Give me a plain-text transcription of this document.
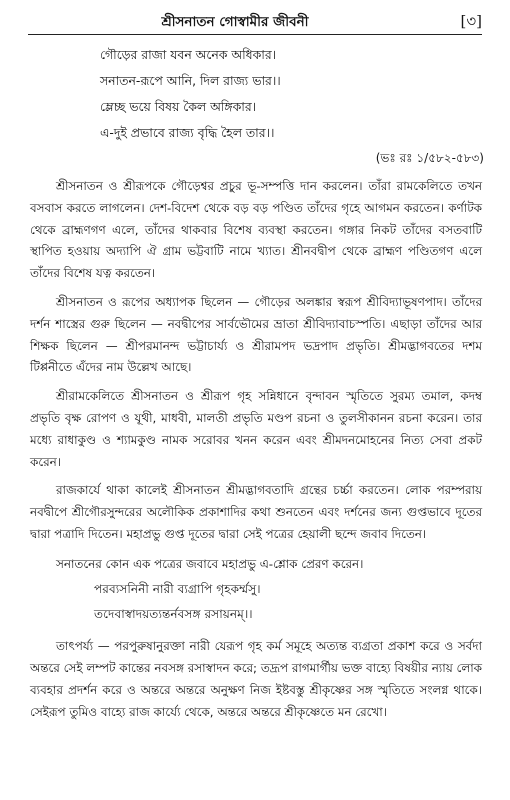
শ্রীসনাতন গোস্বামীর জীবনী	[৩]
গৌড়ের রাজা যবন অনেক অধিকার।
সনাতন-রূপে আনি, দিল রাজ্য ভার।।
ম্লেচ্ছ ভয়ে বিষয় কৈল অঙ্গিকার।
এ-দুই প্রভাবে রাজ্য বৃদ্ধি হৈল তার।।
(ভঃ রঃ ১/৫৮২-৫৮৩)

শ্রীসনাতন ও শ্রীরূপকে গৌড়েশ্বর প্রচুর ভূ-সম্পত্তি দান করলেন। তাঁরা রামকেলিতে তখন বসবাস করতে লাগলেন। দেশ-বিদেশ থেকে বড় বড় পণ্ডিত তাঁদের গৃহে আগমন করতেন। কর্ণাটক থেকে ব্রাহ্মণগণ এলে, তাঁদের থাকবার বিশেষ ব্যবস্থা করতেন। গঙ্গার নিকট তাঁদের বসতবাটি স্থাপিত হওয়ায় অদ্যাপি ঐ গ্রাম ভট্টবাটি নামে খ্যাত। শ্রীনবদ্বীপ থেকে ব্রাহ্মণ পণ্ডিতগণ এলে তাঁদের বিশেষ যত্ন করতেন।

শ্রীসনাতন ও রূপের অধ্যাপক ছিলেন — গৌড়ের অলঙ্কার স্বরূপ শ্রীবিদ্যাভূষণপাদ। তাঁদের দর্শন শাস্ত্রের গুরু ছিলেন — নবদ্বীপের সার্বভৌমের ভ্রাতা শ্রীবিদ্যাবাচস্পতি। এছাড়া তাঁদের আর শিক্ষক ছিলেন — শ্রীপরমানন্দ ভট্টাচার্য্য ও শ্রীরামপদ ভদ্রপাদ প্রভৃতি। শ্রীমদ্ভাগবতের দশম টিপ্পনীতে এঁদের নাম উল্লেখ আছে।

শ্রীরামকেলিতে শ্রীসনাতন ও শ্রীরূপ গৃহ সন্নিধানে বৃন্দাবন স্মৃতিতে সুরম্য তমাল, কদম্ব প্রভৃতি বৃক্ষ রোপণ ও যূথী, মাধবী, মালতী প্রভৃতি মণ্ডপ রচনা ও তুলসীকানন রচনা করেন। তার মধ্যে রাধাকুণ্ড ও শ্যামকুণ্ড নামক সরোবর খনন করেন এবং শ্রীমদনমোহনের নিত্য সেবা প্রকট করেন।

রাজকার্যে থাকা কালেই শ্রীসনাতন শ্রীমদ্ভাগবতাদি গ্রন্থের চর্চ্চা করতেন। লোক পরম্পরায় নবদ্বীপে শ্রীগৌরসুন্দরের অলৌকিক প্রকাশাদির কথা শুনতেন এবং দর্শনের জন্য গুপ্তভাবে দূতের দ্বারা পত্রাদি দিতেন। মহাপ্রভু গুপ্ত দূতের দ্বারা সেই পত্রের হেয়ালী ছন্দে জবাব দিতেন।

সনাতনের কোন এক পত্রের জবাবে মহাপ্রভু এ-শ্লোক প্রেরণ করেন।

পরব্যসনিনী নারী ব্যগ্রাপি গৃহকর্ম্মসু।
তদেবাস্বাদয়ত্যন্তর্নবসঙ্গ রসায়নম্।।

তাৎপর্য্য — পরপুরুষানুরক্তা নারী যেরূপ গৃহ কর্ম সমূহে অত্যন্ত ব্যগ্রতা প্রকাশ করে ও সর্বদা অন্তরে সেই লম্পট কান্তের নবসঙ্গ রসাস্বাদন করে; তদ্রূপ রাগমার্গীয় ভক্ত বাহ্যে বিষয়ীর ন্যায় লোক ব্যবহার প্রদর্শন করে ও অন্তরে অন্তরে অনুক্ষণ নিজ ইষ্টবস্তু শ্রীকৃষ্ণের সঙ্গ স্মৃতিতে সংলগ্ন থাকে। সেইরূপ তুমিও বাহ্যে রাজ কার্য্যে থেকে, অন্তরে অন্তরে শ্রীকৃষ্ণেতে মন রেখো।
